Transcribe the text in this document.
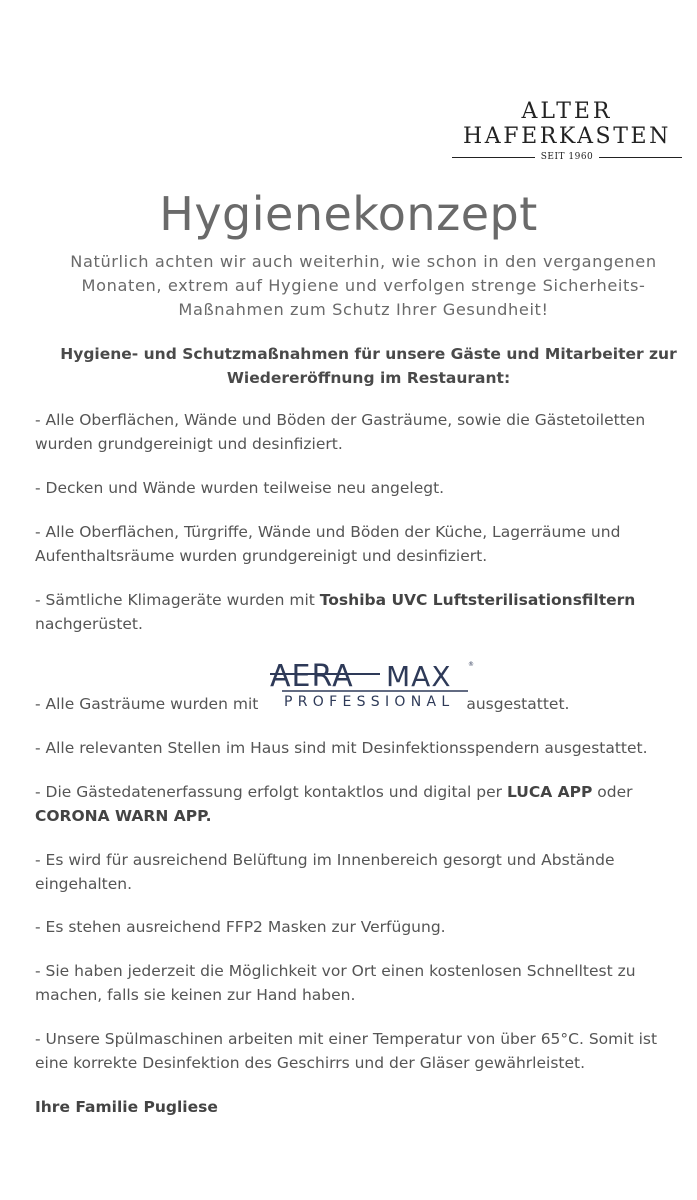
ALTER
HAFERKASTEN
SEIT 1960
Hygienekonzept
Natürlich achten wir auch weiterhin, wie schon in den vergangenen
Monaten, extrem auf Hygiene und verfolgen strenge Sicherheits-
Maßnahmen zum Schutz Ihrer Gesundheit!
Hygiene- und Schutzmaßnahmen für unsere Gäste und Mitarbeiter zur
Wiedereröffnung im Restaurant:
- Alle Oberflächen, Wände und Böden der Gasträume, sowie die Gästetoiletten
wurden grundgereinigt und desinfiziert.
- Decken und Wände wurden teilweise neu angelegt.
- Alle Oberflächen, Türgriffe, Wände und Böden der Küche, Lagerräume und
Aufenthaltsräume wurden grundgereinigt und desinfiziert.
- Sämtliche Klimageräte wurden mit Toshiba UVC Luftsterilisationsfiltern
nachgerüstet.
AERA MAX	®
- Alle Gasträume wurden mit	ausgestattet.
PROFESSIONAL
- Alle relevanten Stellen im Haus sind mit Desinfektionsspendern ausgestattet.
- Die Gästedatenerfassung erfolgt kontaktlos und digital per LUCA APP oder
CORONA WARN APP.
- Es wird für ausreichend Belüftung im Innenbereich gesorgt und Abstände
eingehalten.
- Es stehen ausreichend FFP2 Masken zur Verfügung.
- Sie haben jederzeit die Möglichkeit vor Ort einen kostenlosen Schnelltest zu
machen, falls sie keinen zur Hand haben.
- Unsere Spülmaschinen arbeiten mit einer Temperatur von über 65°C. Somit ist
eine korrekte Desinfektion des Geschirrs und der Gläser gewährleistet.
Ihre Familie Pugliese
